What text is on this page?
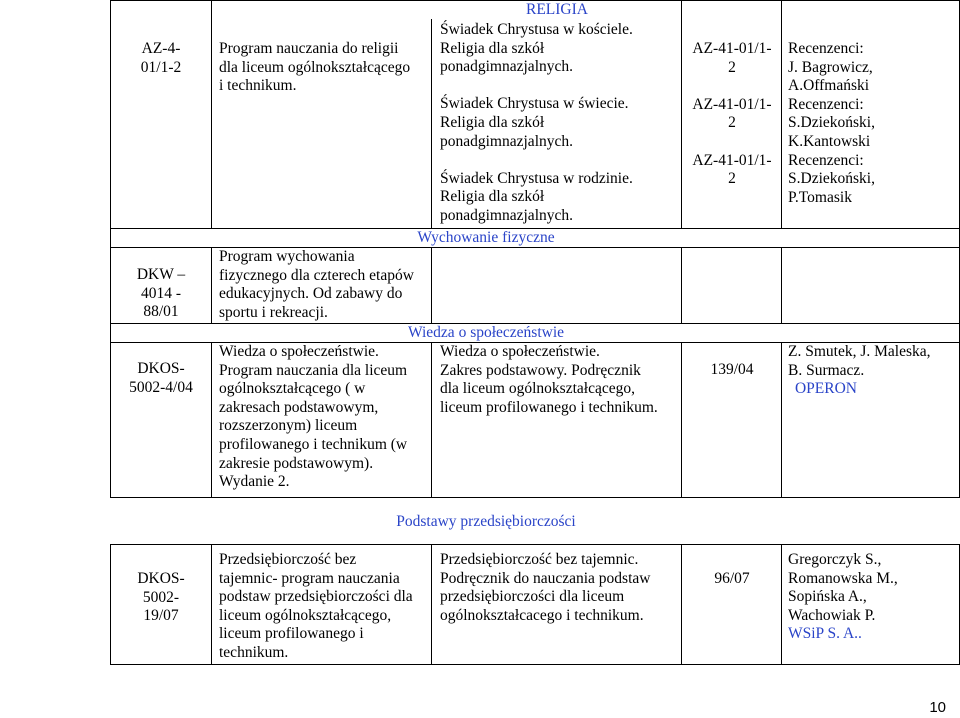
RELIGIA
Wychowanie fizyczne
Wiedza o społeczeństwie
Podstawy przedsiębiorczości
AZ-4-
01/1-2
Program nauczania do religii
dla liceum ogólnokształcącego
i technikum.
Świadek Chrystusa w kościele.
Religia dla szkół
ponadgimnazjalnych.

Świadek Chrystusa w świecie.
Religia dla szkół
ponadgimnazjalnych.

Świadek Chrystusa w rodzinie.
Religia dla szkół
ponadgimnazjalnych.
AZ-41-01/1-
2

AZ-41-01/1-
2

AZ-41-01/1-
2
Recenzenci:
J. Bagrowicz,
A.Offmański
Recenzenci:
S.Dziekoński,
K.Kantowski
Recenzenci:
S.Dziekoński,
P.Tomasik
DKW –
4014 -
88/01
Program wychowania
fizycznego dla czterech etapów
edukacyjnych. Od zabawy do
sportu i rekreacji.
DKOS-
5002-4/04
Wiedza o społeczeństwie.
Program nauczania dla liceum
ogólnokształcącego ( w
zakresach podstawowym,
rozszerzonym) liceum
profilowanego i technikum (w
zakresie podstawowym).
Wydanie 2.
Wiedza o społeczeństwie.
Zakres podstawowy. Podręcznik
dla liceum ogólnokształcącego,
liceum profilowanego i technikum.
139/04
Z. Smutek, J. Maleska,
B. Surmacz.
OPERON
DKOS-
5002-
19/07
Przedsiębiorczość bez
tajemnic- program nauczania
podstaw przedsiębiorczości dla
liceum ogólnokształcącego,
liceum profilowanego i
technikum.
Przedsiębiorczość bez tajemnic.
Podręcznik do nauczania podstaw
przedsiębiorczości dla liceum
ogólnokształcacego i technikum.
96/07
Gregorczyk S.,
Romanowska M.,
Sopińska A.,
Wachowiak P.
WSiP S. A..
10
